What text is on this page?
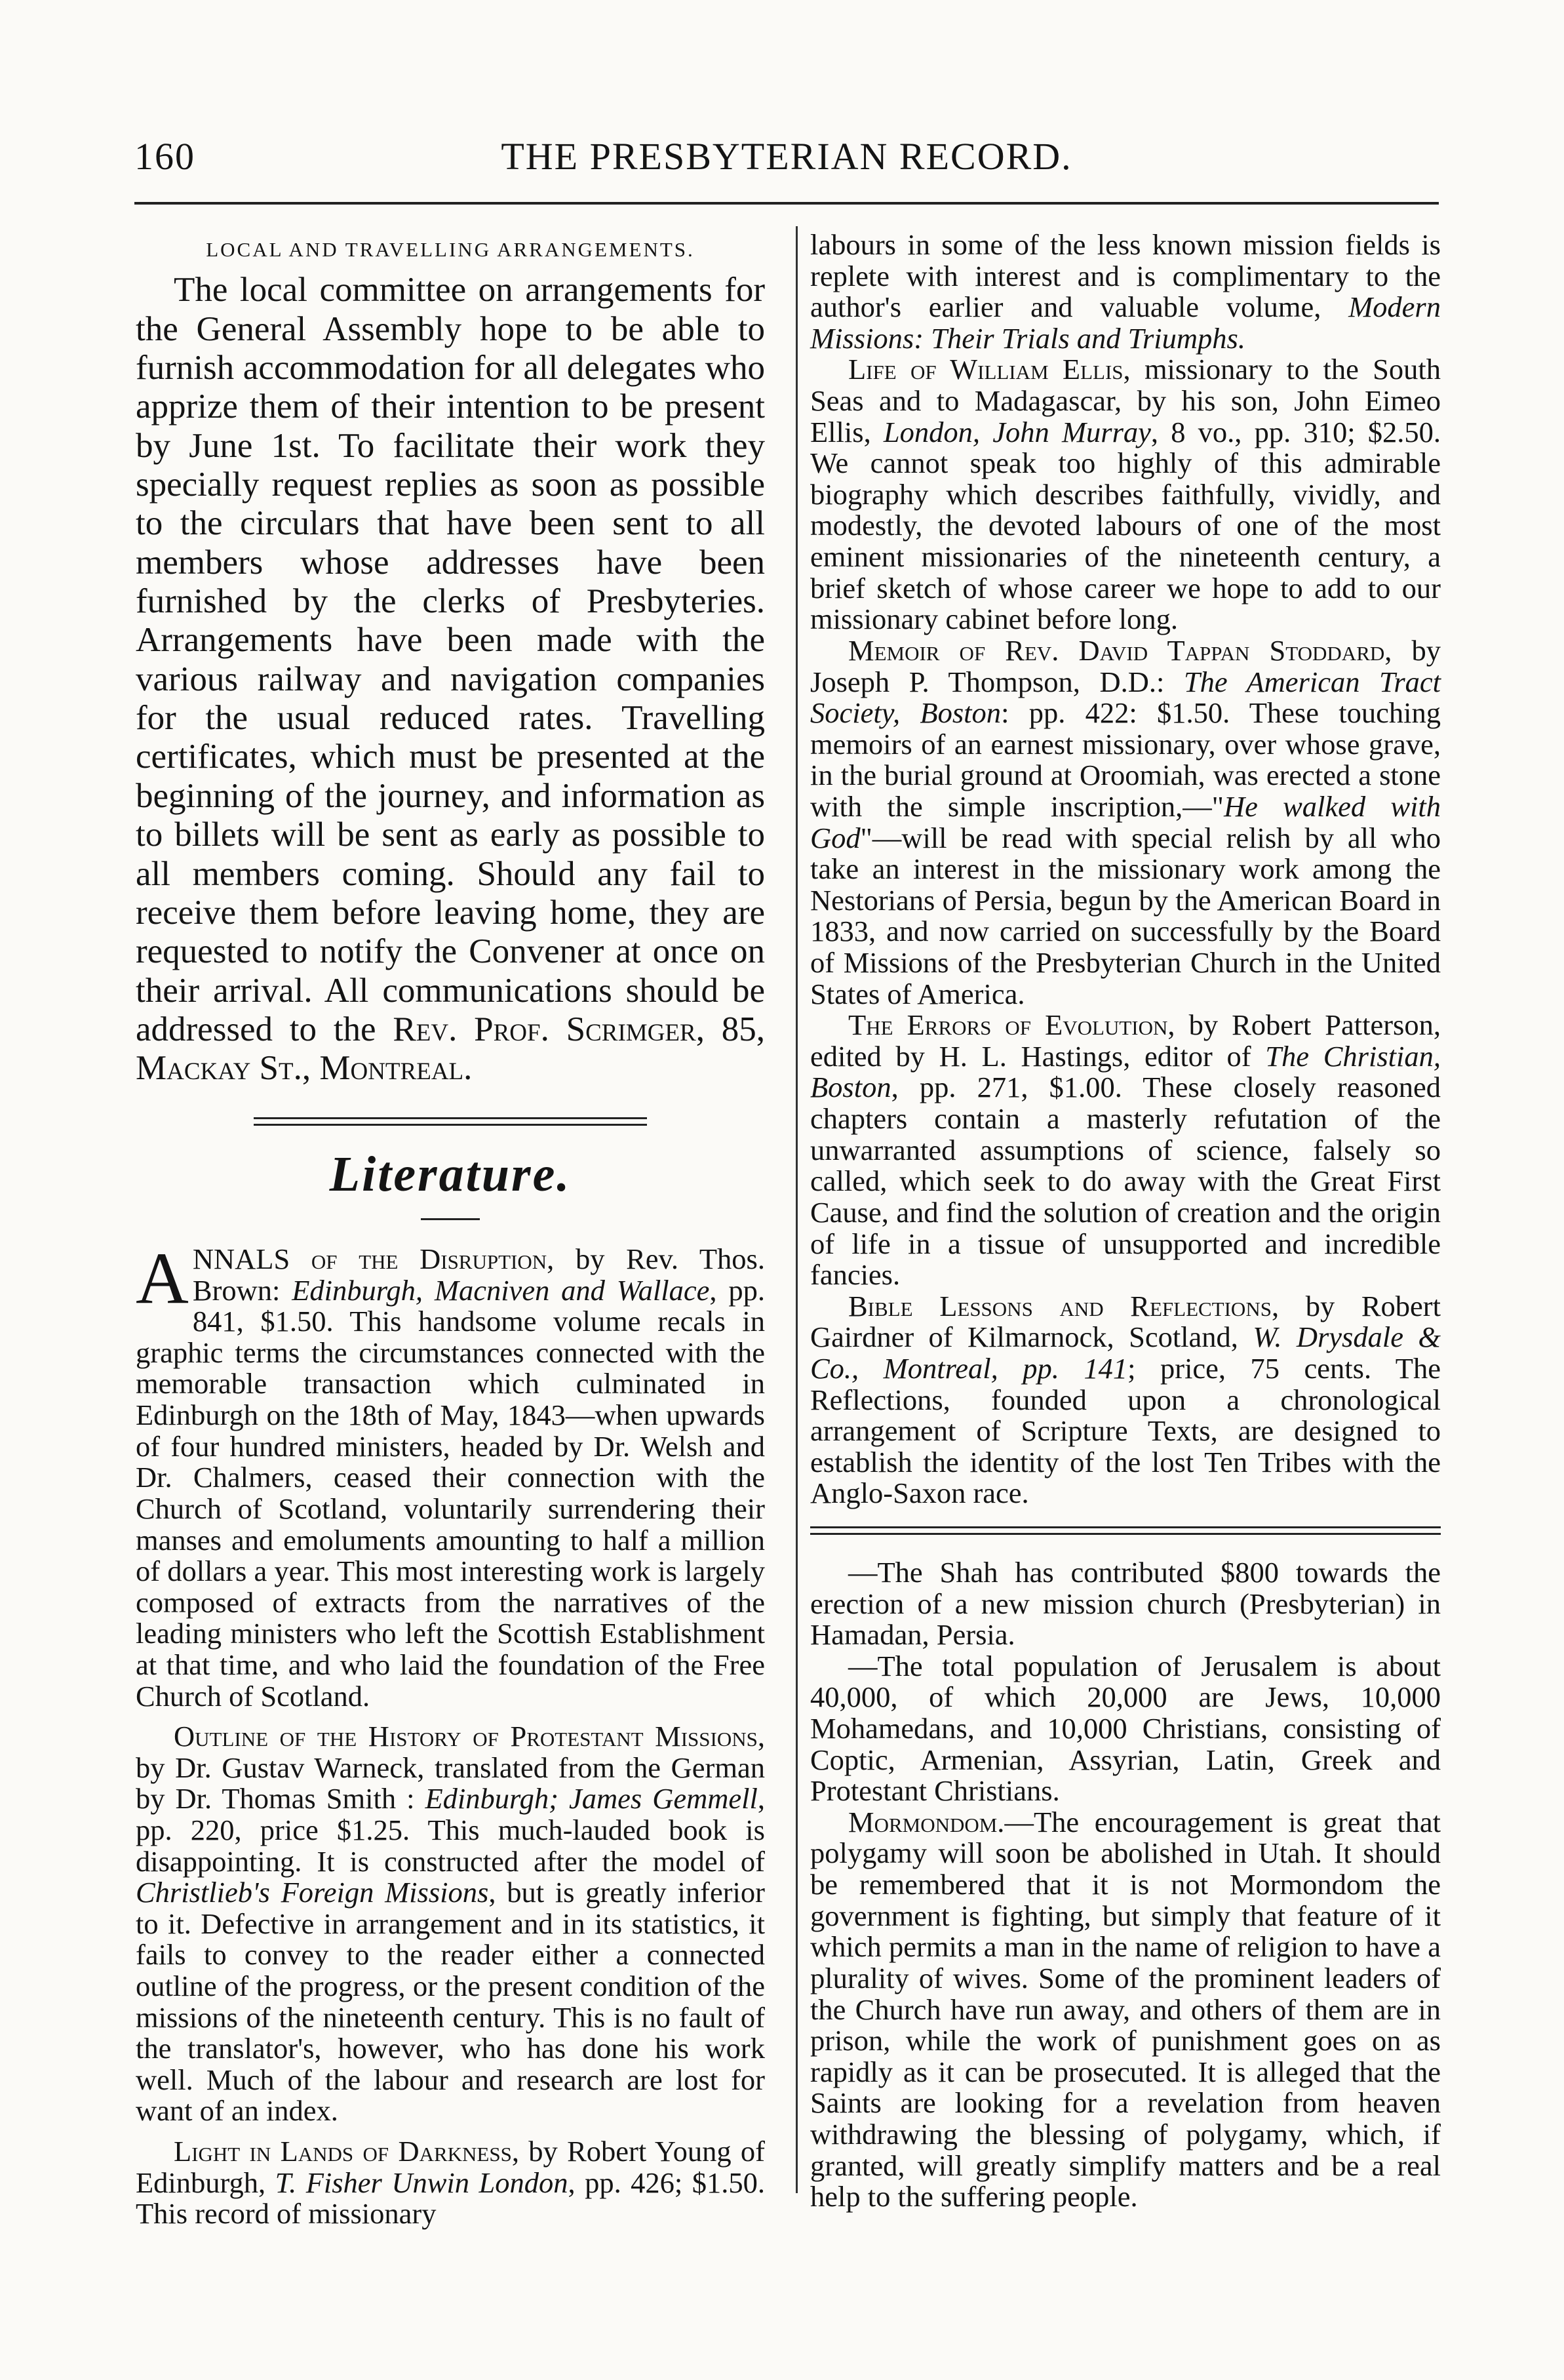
160	THE PRESBYTERIAN RECORD.
LOCAL AND TRAVELLING ARRANGEMENTS.

The local committee on arrangements for the General Assembly hope to be able to furnish accommodation for all delegates who apprize them of their intention to be present by June 1st. To facilitate their work they specially request replies as soon as possible to the circulars that have been sent to all members whose addresses have been furnished by the clerks of Presbyteries. Arrangements have been made with the various railway and navigation companies for the usual reduced rates. Travelling certificates, which must be presented at the beginning of the journey, and information as to billets will be sent as early as possible to all members coming. Should any fail to receive them before leaving home, they are requested to notify the Convener at once on their arrival. All communications should be addressed to the Rev. Prof. Scrimger, 85, Mackay St., Montreal.

Literature.

ANNALS of the Disruption, by Rev. Thos. Brown: Edinburgh, Macniven and Wallace, pp. 841, $1.50. This handsome volume recals in graphic terms the circumstances connected with the memorable transaction which culminated in Edinburgh on the 18th of May, 1843—when upwards of four hundred ministers, headed by Dr. Welsh and Dr. Chalmers, ceased their connection with the Church of Scotland, voluntarily surrendering their manses and emoluments amounting to half a million of dollars a year. This most interesting work is largely composed of extracts from the narratives of the leading ministers who left the Scottish Establishment at that time, and who laid the foundation of the Free Church of Scotland.

Outline of the History of Protestant Missions, by Dr. Gustav Warneck, translated from the German by Dr. Thomas Smith : Edinburgh; James Gemmell, pp. 220, price $1.25. This much-lauded book is disappointing. It is constructed after the model of Christlieb's Foreign Missions, but is greatly inferior to it. Defective in arrangement and in its statistics, it fails to convey to the reader either a connected outline of the progress, or the present condition of the missions of the nineteenth century. This is no fault of the translator's, however, who has done his work well. Much of the labour and research are lost for want of an index.

Light in Lands of Darkness, by Robert Young of Edinburgh, T. Fisher Unwin London, pp. 426; $1.50. This record of missionary

labours in some of the less known mission fields is replete with interest and is complimentary to the author's earlier and valuable volume, Modern Missions: Their Trials and Triumphs.

Life of William Ellis, missionary to the South Seas and to Madagascar, by his son, John Eimeo Ellis, London, John Murray, 8 vo., pp. 310; $2.50. We cannot speak too highly of this admirable biography which describes faithfully, vividly, and modestly, the devoted labours of one of the most eminent missionaries of the nineteenth century, a brief sketch of whose career we hope to add to our missionary cabinet before long.

Memoir of Rev. David Tappan Stoddard, by Joseph P. Thompson, D.D.: The American Tract Society, Boston: pp. 422: $1.50. These touching memoirs of an earnest missionary, over whose grave, in the burial ground at Oroomiah, was erected a stone with the simple inscription,—"He walked with God"—will be read with special relish by all who take an interest in the missionary work among the Nestorians of Persia, begun by the American Board in 1833, and now carried on successfully by the Board of Missions of the Presbyterian Church in the United States of America.

The Errors of Evolution, by Robert Patterson, edited by H. L. Hastings, editor of The Christian, Boston, pp. 271, $1.00. These closely reasoned chapters contain a masterly refutation of the unwarranted assumptions of science, falsely so called, which seek to do away with the Great First Cause, and find the solution of creation and the origin of life in a tissue of unsupported and incredible fancies.

Bible Lessons and Reflections, by Robert Gairdner of Kilmarnock, Scotland, W. Drysdale & Co., Montreal, pp. 141; price, 75 cents. The Reflections, founded upon a chronological arrangement of Scripture Texts, are designed to establish the identity of the lost Ten Tribes with the Anglo-Saxon race.

—The Shah has contributed $800 towards the erection of a new mission church (Presbyterian) in Hamadan, Persia.

—The total population of Jerusalem is about 40,000, of which 20,000 are Jews, 10,000 Mohamedans, and 10,000 Christians, consisting of Coptic, Armenian, Assyrian, Latin, Greek and Protestant Christians.

Mormondom.—The encouragement is great that polygamy will soon be abolished in Utah. It should be remembered that it is not Mormondom the government is fighting, but simply that feature of it which permits a man in the name of religion to have a plurality of wives. Some of the prominent leaders of the Church have run away, and others of them are in prison, while the work of punishment goes on as rapidly as it can be prosecuted. It is alleged that the Saints are looking for a revelation from heaven withdrawing the blessing of polygamy, which, if granted, will greatly simplify matters and be a real help to the suffering people.
